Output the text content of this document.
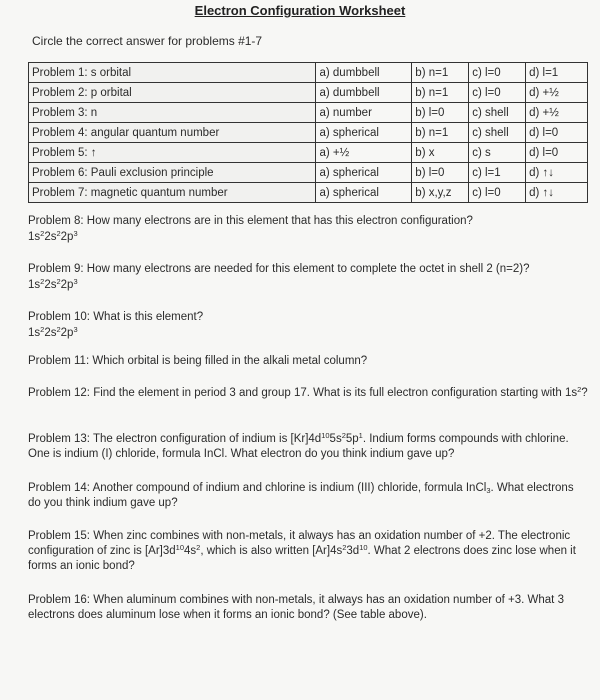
Electron Configuration Worksheet
Circle the correct answer for problems #1-7
Problem 1: s orbital	a) dumbbell	b) n=1	c) l=0	d) l=1
Problem 2: p orbital	a) dumbbell	b) n=1	c) l=0	d) +½
Problem 3: n	a) number	b) l=0	c) shell	d) +½
Problem 4: angular quantum number	a) spherical	b) n=1	c) shell	d) l=0
Problem 5: ↑	a) +½	b) x	c) s	d) l=0
Problem 6: Pauli exclusion principle	a) spherical	b) l=0	c) l=1	d) ↑↓
Problem 7: magnetic quantum number	a) spherical	b) x,y,z	c) l=0	d) ↑↓
Problem 8: How many electrons are in this element that has this electron configuration?
$1s^22s^22p^3$
Problem 9: How many electrons are needed for this element to complete the octet in shell 2 (n=2)?
$1s^22s^22p^3$
Problem 10: What is this element?
$1s^22s^22p^3$
Problem 11: Which orbital is being filled in the alkali metal column?
Problem 12: Find the element in period 3 and group 17. What is its full electron configuration starting with $1s^2$?
Problem 13: The electron configuration of indium is $[Kr]4d^{10}5s^25p^1$. Indium forms compounds with chlorine. One is indium (I) chloride, formula InCl. What electron do you think indium gave up?
Problem 14: Another compound of indium and chlorine is indium (III) chloride, formula InCl$_3$. What electrons do you think indium gave up?
Problem 15: When zinc combines with non-metals, it always has an oxidation number of +2. The electronic configuration of zinc is $[Ar]3d^{10}4s^2$, which is also written $[Ar]4s^23d^{10}$. What 2 electrons does zinc lose when it forms an ionic bond?
Problem 16: When aluminum combines with non-metals, it always has an oxidation number of +3. What 3 electrons does aluminum lose when it forms an ionic bond? (See table above).
